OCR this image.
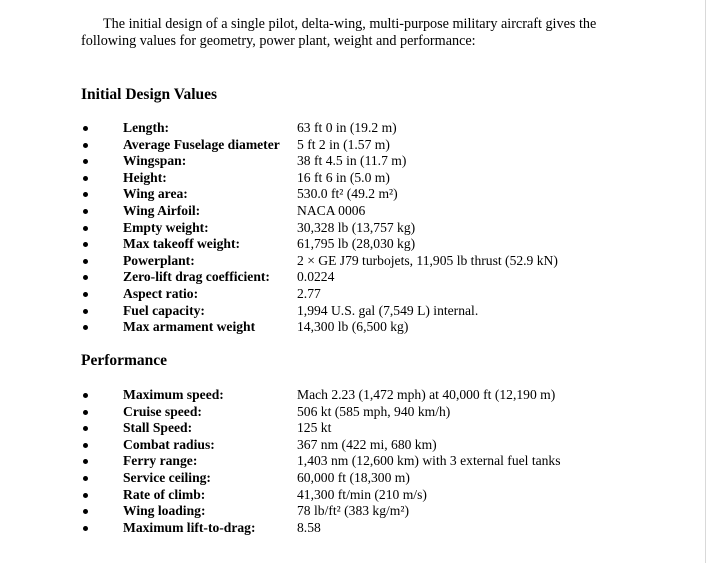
The initial design of a single pilot, delta-wing, multi-purpose military aircraft gives the following values for geometry, power plant, weight and performance:

Initial Design Values
Length:	63 ft 0 in (19.2 m)
Average Fuselage diameter 5 ft 2 in (1.57 m)
Wingspan:	38 ft 4.5 in (11.7 m)
Height:	16 ft 6 in (5.0 m)
Wing area:	530.0 ft² (49.2 m²)
Wing Airfoil:	NACA 0006
Empty weight:	30,328 lb (13,757 kg)
Max takeoff weight:	61,795 lb (28,030 kg)
Powerplant:	2 × GE J79 turbojets, 11,905 lb thrust (52.9 kN)
Zero-lift drag coefficient: 0.0224
Aspect ratio:	2.77
Fuel capacity:	1,994 U.S. gal (7,549 L) internal.
Max armament weight	14,300 lb (6,500 kg)
Performance
Maximum speed:	Mach 2.23 (1,472 mph) at 40,000 ft (12,190 m)
Cruise speed:	506 kt (585 mph, 940 km/h)
Stall Speed:	125 kt
Combat radius:	367 nm (422 mi, 680 km)
Ferry range:	1,403 nm (12,600 km) with 3 external fuel tanks
Service ceiling:	60,000 ft (18,300 m)
Rate of climb:	41,300 ft/min (210 m/s)
Wing loading:	78 lb/ft² (383 kg/m²)
Maximum lift-to-drag:	8.58
